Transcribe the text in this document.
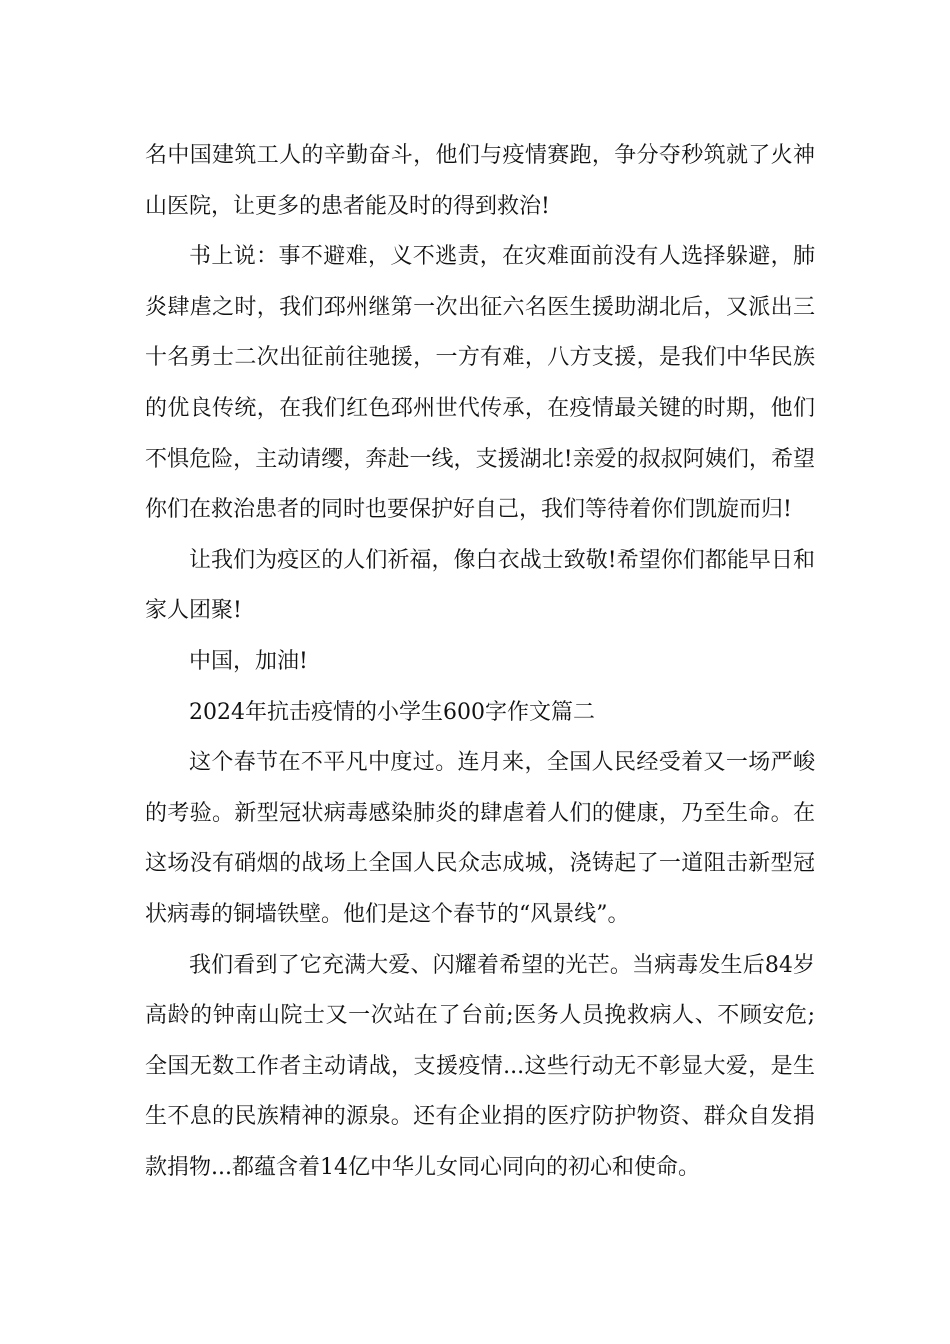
名中国建筑工人的辛勤奋斗，他们与疫情赛跑，争分夺秒筑就了火神山医院，让更多的患者能及时的得到救治!

书上说：事不避难，义不逃责，在灾难面前没有人选择躲避，肺炎肆虐之时，我们邳州继第一次出征六名医生援助湖北后，又派出三十名勇士二次出征前往驰援，一方有难，八方支援，是我们中华民族的优良传统，在我们红色邳州世代传承，在疫情最关键的时期，他们不惧危险，主动请缨，奔赴一线，支援湖北!亲爱的叔叔阿姨们，希望你们在救治患者的同时也要保护好自己，我们等待着你们凯旋而归!

让我们为疫区的人们祈福，像白衣战士致敬!希望你们都能早日和家人团聚!

中国，加油!

2024年抗击疫情的小学生600字作文篇二

这个春节在不平凡中度过。连月来，全国人民经受着又一场严峻的考验。新型冠状病毒感染肺炎的肆虐着人们的健康，乃至生命。在这场没有硝烟的战场上全国人民众志成城，浇铸起了一道阻击新型冠状病毒的铜墙铁壁。他们是这个春节的“风景线”。

我们看到了它充满大爱、闪耀着希望的光芒。当病毒发生后84岁高龄的钟南山院士又一次站在了台前;医务人员挽救病人、不顾安危;全国无数工作者主动请战，支援疫情...这些行动无不彰显大爱，是生生不息的民族精神的源泉。还有企业捐的医疗防护物资、群众自发捐款捐物...都蕴含着14亿中华儿女同心同向的初心和使命。
